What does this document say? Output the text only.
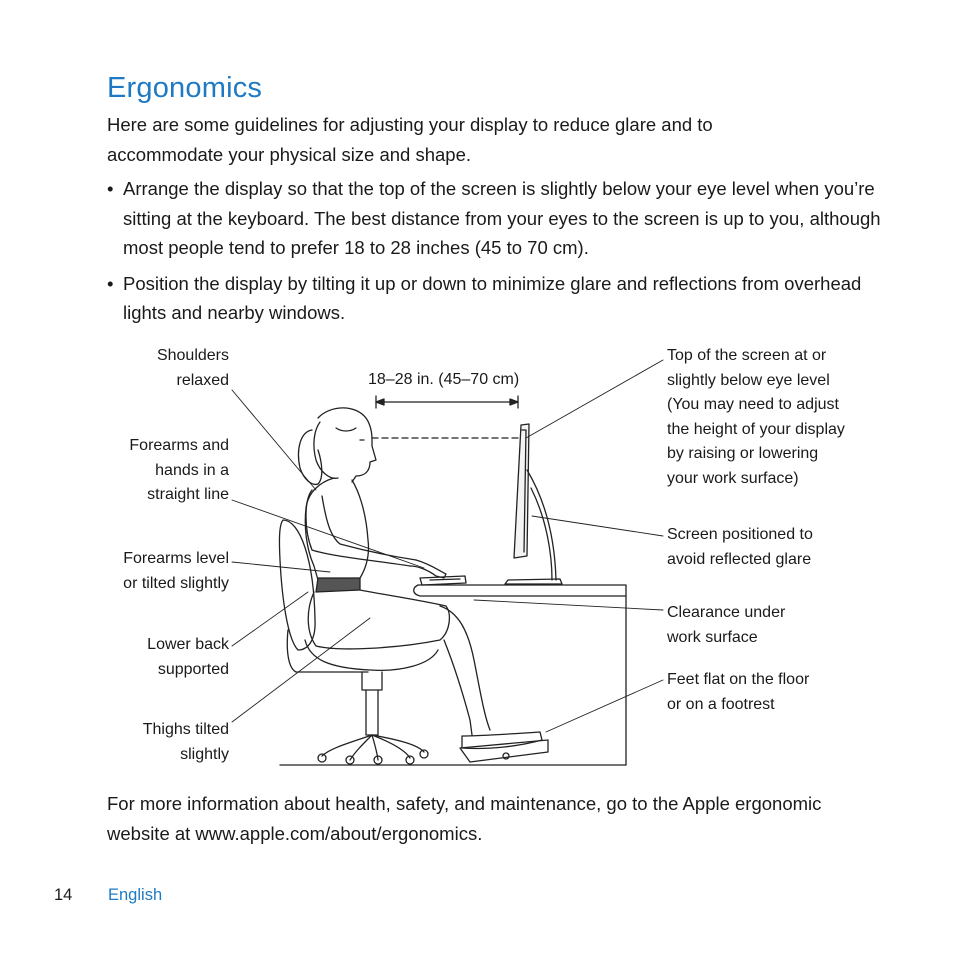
Ergonomics

Here are some guidelines for adjusting your display to reduce glare and to accommodate your physical size and shape.

• Arrange the display so that the top of the screen is slightly below your eye level when you’re sitting at the keyboard. The best distance from your eyes to the screen is up to you, although most people tend to prefer 18 to 28 inches (45 to 70 cm).
• Position the display by tilting it up or down to minimize glare and reflections from overhead lights and nearby windows.
Shoulders
relaxed
Forearms and
hands in a
straight line
Forearms level
or tilted slightly
Lower back
supported
Thighs tilted
slightly
18–28 in. (45–70 cm)
Top of the screen at or
slightly below eye level
(You may need to adjust
the height of your display
by raising or lowering
your work surface)
Screen positioned to
avoid reflected glare
Clearance under
work surface
Feet flat on the floor
or on a footrest

For more information about health, safety, and maintenance, go to the Apple ergonomic website at www.apple.com/about/ergonomics.

14 English
